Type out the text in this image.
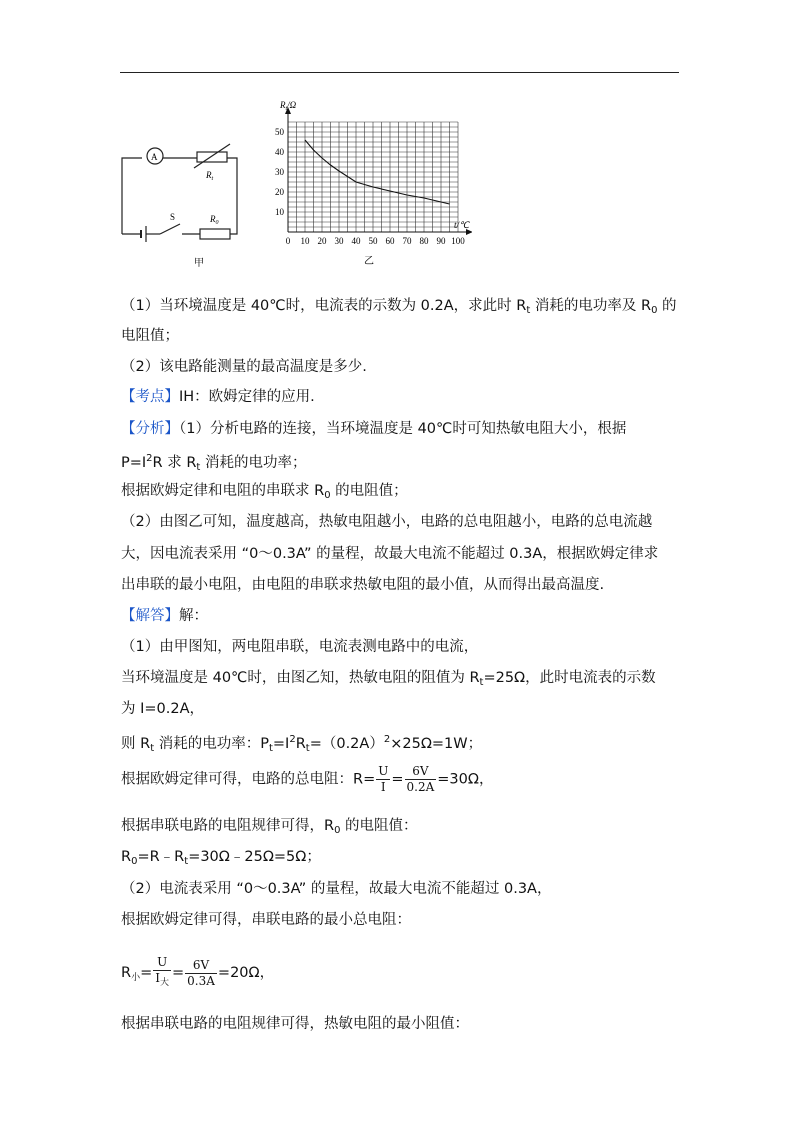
A
$R_t$
S	$R_0$
甲
0 10 20 30 40 50 60 70 80 90 100
10
20
30
40
50
$R_t/\Omega$
t/℃
乙
（1）当环境温度是 40℃时，电流表的示数为 0.2A，求此时 $R_t$ 消耗的电功率及 $R_0$ 的
电阻值；
（2）该电路能测量的最高温度是多少.
【考点】IH：欧姆定律的应用.
【分析】（1）分析电路的连接，当环境温度是 40℃时可知热敏电阻大小，根据
$P=I^2R$ 求 $R_t$ 消耗的电功率；
根据欧姆定律和电阻的串联求 $R_0$ 的电阻值；
（2）由图乙可知，温度越高，热敏电阻越小，电路的总电阻越小，电路的总电流越
大，因电流表采用 “0～0.3A” 的量程，故最大电流不能超过 0.3A，根据欧姆定律求
出串联的最小电阻，由电阻的串联求热敏电阻的最小值，从而得出最高温度.
【解答】解：
（1）由甲图知，两电阻串联，电流表测电路中的电流，
当环境温度是 40℃时，由图乙知，热敏电阻的阻值为 $R_t=25\Omega$，此时电流表的示数
为 I=0.2A，
则 $R_t$ 消耗的电功率：$P_t=I^2R_t=(0.2A)^2\times 25\Omega=1W$；
根据欧姆定律可得，电路的总电阻：$R= \frac{U}{I} = \frac{6V}{0.2A} =30\Omega$，
根据串联电路的电阻规律可得，$R_0$ 的电阻值：
$R_0=R﹣R_t=30\Omega﹣25\Omega=5\Omega$；
（2）电流表采用 “0～0.3A” 的量程，故最大电流不能超过 0.3A，
根据欧姆定律可得，串联电路的最小总电阻：
$R_小= \frac{U}{I_大} = \frac{6V}{0.3A} =20\Omega$，
根据串联电路的电阻规律可得，热敏电阻的最小阻值：
